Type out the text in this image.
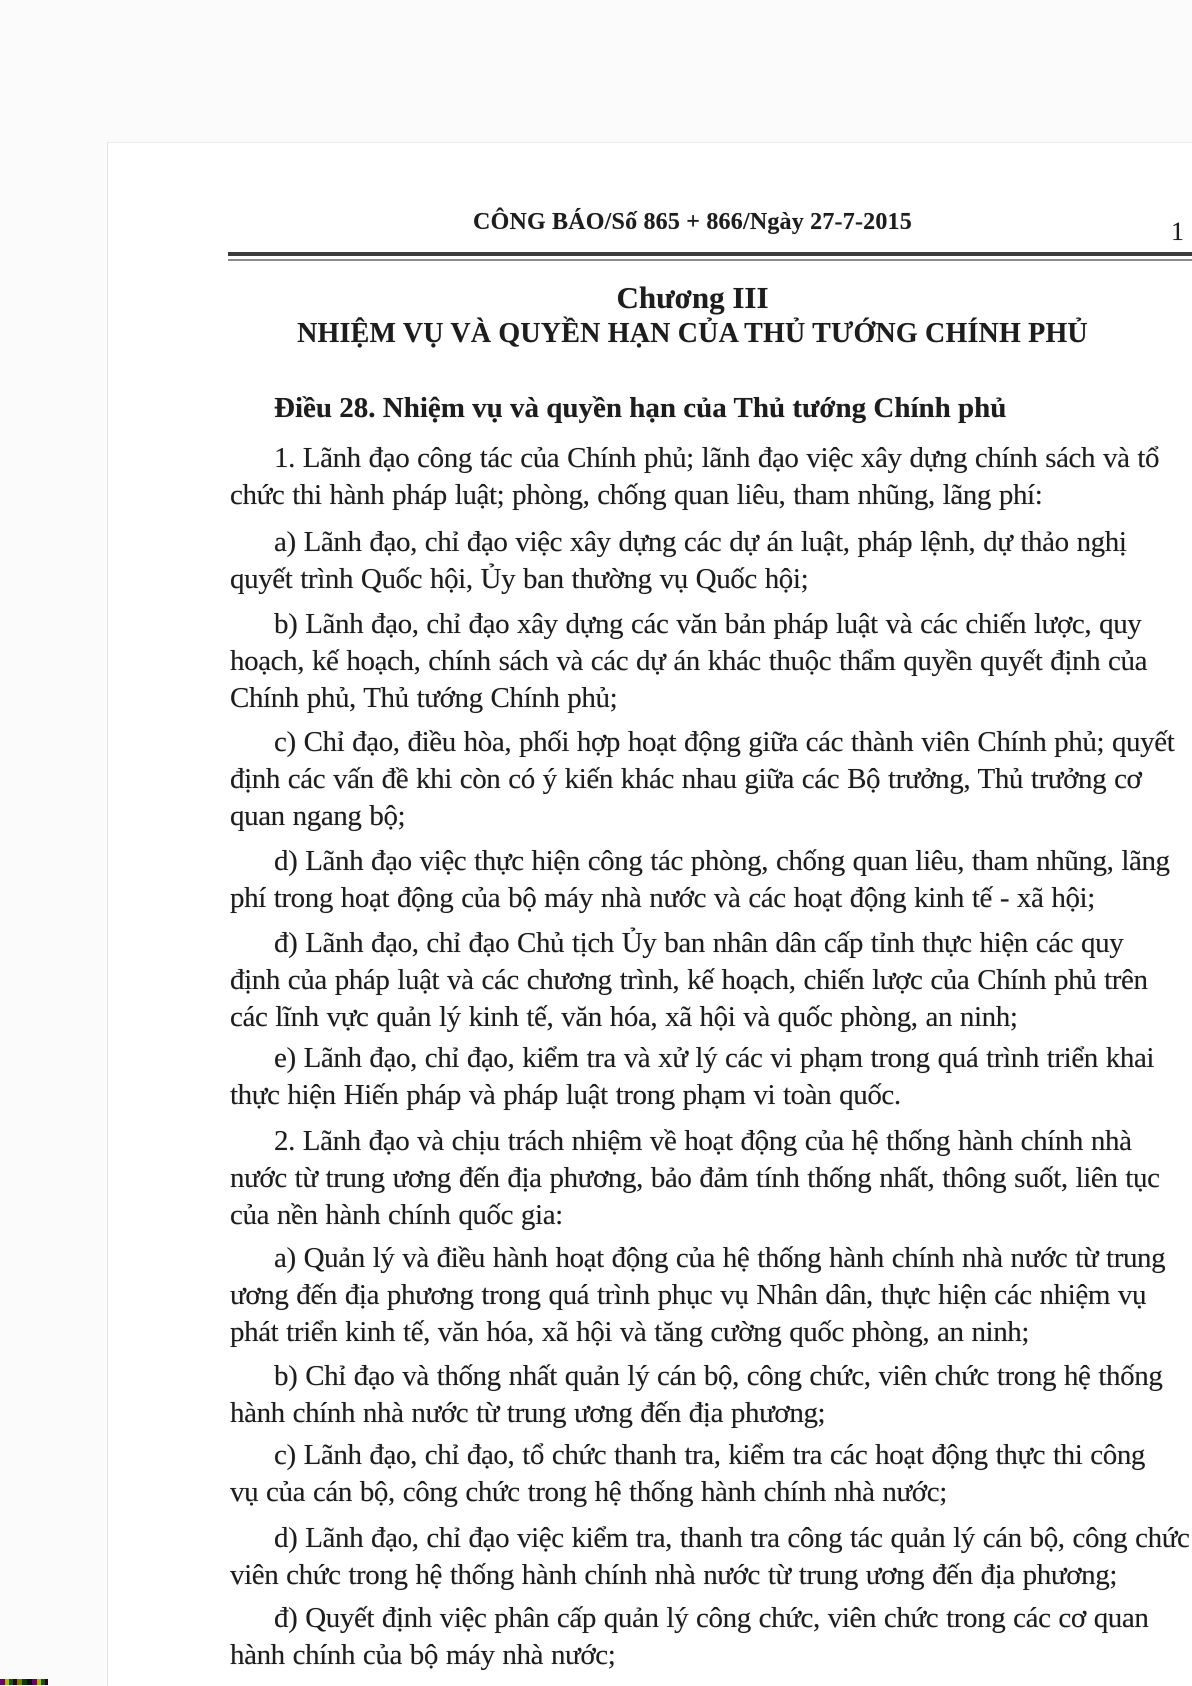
CÔNG BÁO/Số 865 + 866/Ngày 27-7-2015	1
Chương III
NHIỆM VỤ VÀ QUYỀN HẠN CỦA THỦ TƯỚNG CHÍNH PHỦ
Điều 28. Nhiệm vụ và quyền hạn của Thủ tướng Chính phủ
1. Lãnh đạo công tác của Chính phủ; lãnh đạo việc xây dựng chính sách và tổ
chức thi hành pháp luật; phòng, chống quan liêu, tham nhũng, lãng phí:
a) Lãnh đạo, chỉ đạo việc xây dựng các dự án luật, pháp lệnh, dự thảo nghị
quyết trình Quốc hội, Ủy ban thường vụ Quốc hội;
b) Lãnh đạo, chỉ đạo xây dựng các văn bản pháp luật và các chiến lược, quy
hoạch, kế hoạch, chính sách và các dự án khác thuộc thẩm quyền quyết định của
Chính phủ, Thủ tướng Chính phủ;
c) Chỉ đạo, điều hòa, phối hợp hoạt động giữa các thành viên Chính phủ; quyết
định các vấn đề khi còn có ý kiến khác nhau giữa các Bộ trưởng, Thủ trưởng cơ
quan ngang bộ;
d) Lãnh đạo việc thực hiện công tác phòng, chống quan liêu, tham nhũng, lãng
phí trong hoạt động của bộ máy nhà nước và các hoạt động kinh tế - xã hội;
đ) Lãnh đạo, chỉ đạo Chủ tịch Ủy ban nhân dân cấp tỉnh thực hiện các quy
định của pháp luật và các chương trình, kế hoạch, chiến lược của Chính phủ trên
các lĩnh vực quản lý kinh tế, văn hóa, xã hội và quốc phòng, an ninh;
e) Lãnh đạo, chỉ đạo, kiểm tra và xử lý các vi phạm trong quá trình triển khai
thực hiện Hiến pháp và pháp luật trong phạm vi toàn quốc.
2. Lãnh đạo và chịu trách nhiệm về hoạt động của hệ thống hành chính nhà
nước từ trung ương đến địa phương, bảo đảm tính thống nhất, thông suốt, liên tục
của nền hành chính quốc gia:
a) Quản lý và điều hành hoạt động của hệ thống hành chính nhà nước từ trung
ương đến địa phương trong quá trình phục vụ Nhân dân, thực hiện các nhiệm vụ
phát triển kinh tế, văn hóa, xã hội và tăng cường quốc phòng, an ninh;
b) Chỉ đạo và thống nhất quản lý cán bộ, công chức, viên chức trong hệ thống
hành chính nhà nước từ trung ương đến địa phương;
c) Lãnh đạo, chỉ đạo, tổ chức thanh tra, kiểm tra các hoạt động thực thi công
vụ của cán bộ, công chức trong hệ thống hành chính nhà nước;
d) Lãnh đạo, chỉ đạo việc kiểm tra, thanh tra công tác quản lý cán bộ, công chức
viên chức trong hệ thống hành chính nhà nước từ trung ương đến địa phương;
đ) Quyết định việc phân cấp quản lý công chức, viên chức trong các cơ quan
hành chính của bộ máy nhà nước;
